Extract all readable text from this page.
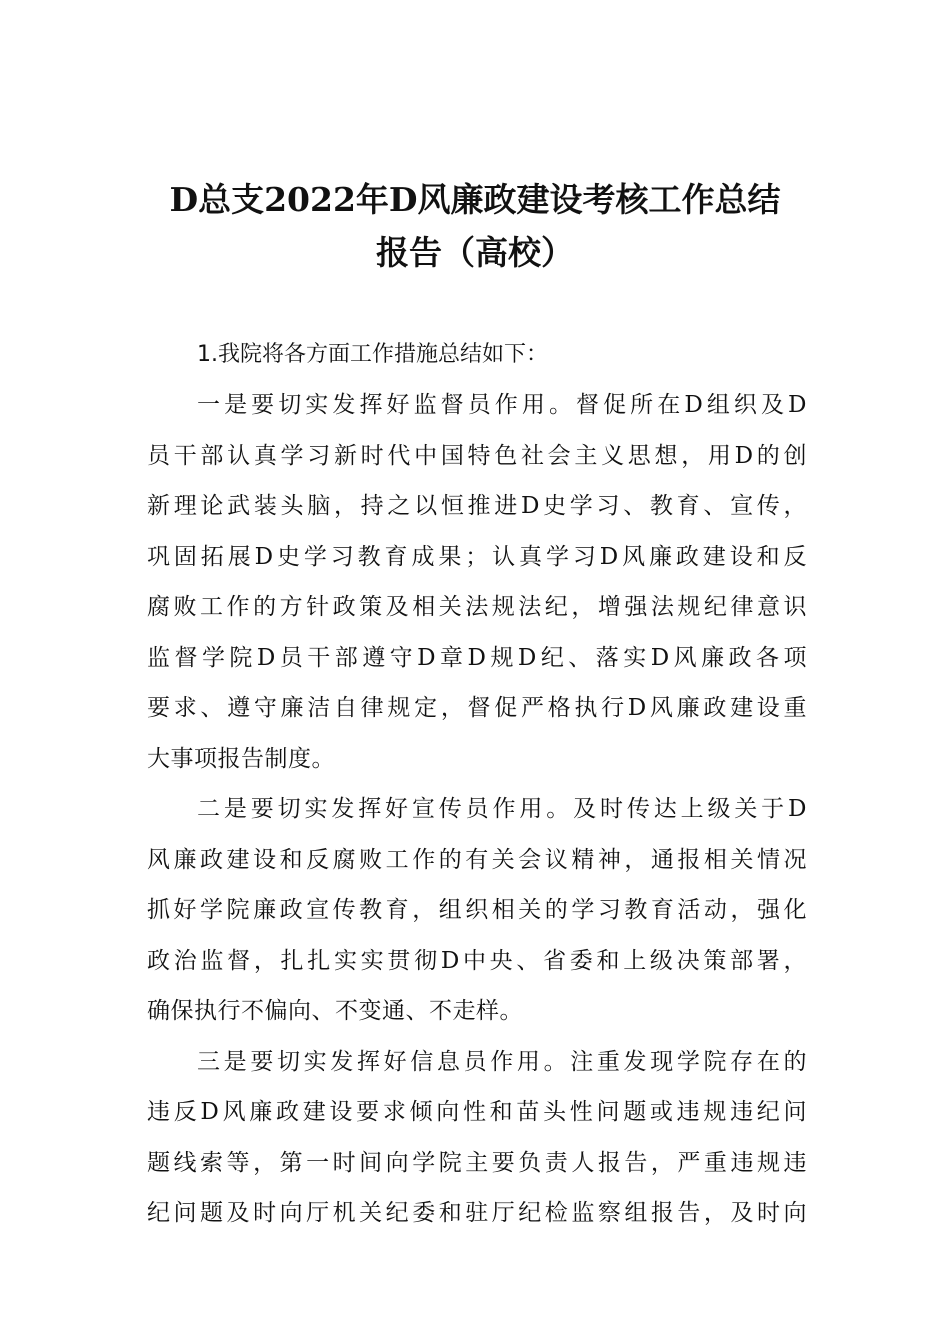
D总支2022年D风廉政建设考核工作总结
报告（高校）

1.我院将各方面工作措施总结如下：

一是要切实发挥好监督员作用。督促所在D组织及D
员干部认真学习新时代中国特色社会主义思想，用D的创
新理论武装头脑，持之以恒推进D史学习、教育、宣传，
巩固拓展D史学习教育成果；认真学习D风廉政建设和反
腐败工作的方针政策及相关法规法纪，增强法规纪律意识
监督学院D员干部遵守D章D规D纪、落实D风廉政各项
要求、遵守廉洁自律规定，督促严格执行D风廉政建设重
大事项报告制度。

二是要切实发挥好宣传员作用。及时传达上级关于D
风廉政建设和反腐败工作的有关会议精神，通报相关情况
抓好学院廉政宣传教育，组织相关的学习教育活动，强化
政治监督，扎扎实实贯彻D中央、省委和上级决策部署，
确保执行不偏向、不变通、不走样。

三是要切实发挥好信息员作用。注重发现学院存在的
违反D风廉政建设要求倾向性和苗头性问题或违规违纪问
题线索等，第一时间向学院主要负责人报告，严重违规违
纪问题及时向厅机关纪委和驻厅纪检监察组报告，及时向
